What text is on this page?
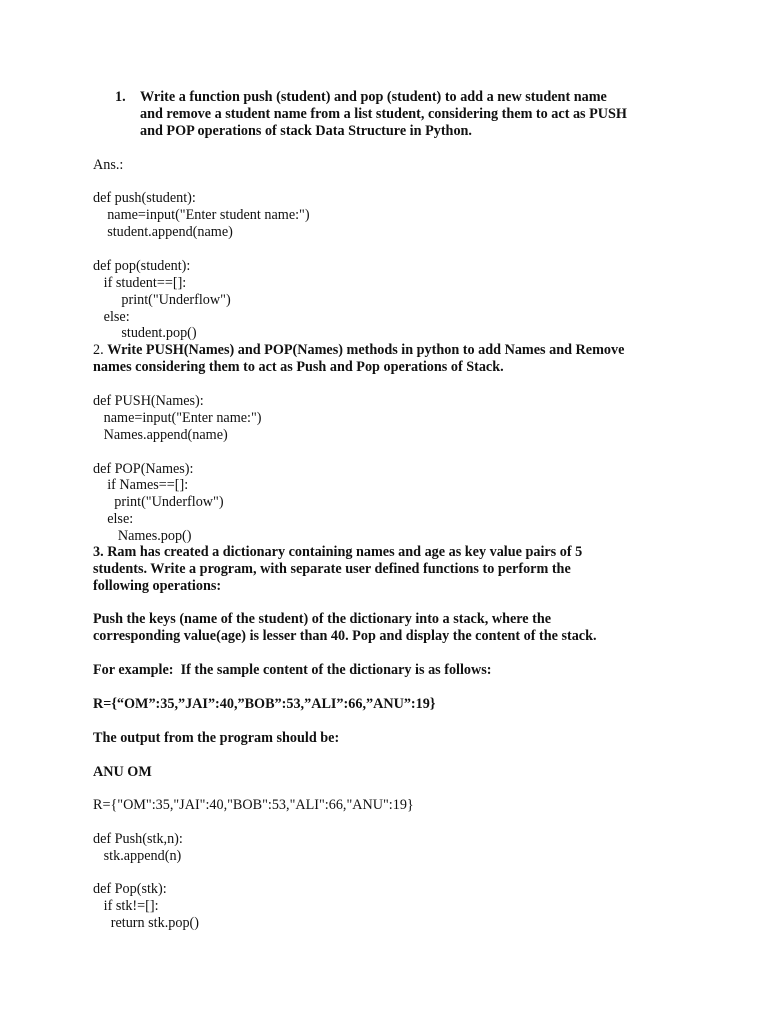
1. Write a function push (student) and pop (student) to add a new student name
and remove a student name from a list student, considering them to act as PUSH
and POP operations of stack Data Structure in Python.
Ans.:
def push(student):
name=input("Enter student name:")
student.append(name)
def pop(student):
if student==[]:
print("Underflow")
else:
student.pop()
2. Write PUSH(Names) and POP(Names) methods in python to add Names and Remove
names considering them to act as Push and Pop operations of Stack.
def PUSH(Names):
name=input("Enter name:")
Names.append(name)
def POP(Names):
if Names==[]:
print("Underflow")
else:
Names.pop()
3. Ram has created a dictionary containing names and age as key value pairs of 5
students. Write a program, with separate user defined functions to perform the
following operations:
Push the keys (name of the student) of the dictionary into a stack, where the
corresponding value(age) is lesser than 40. Pop and display the content of the stack.
For example:  If the sample content of the dictionary is as follows:
R={“OM”:35,”JAI”:40,”BOB”:53,”ALI”:66,”ANU”:19}
The output from the program should be:
ANU OM
R={"OM":35,"JAI":40,"BOB":53,"ALI":66,"ANU":19}
def Push(stk,n):
stk.append(n)
def Pop(stk):
if stk!=[]:
return stk.pop()
